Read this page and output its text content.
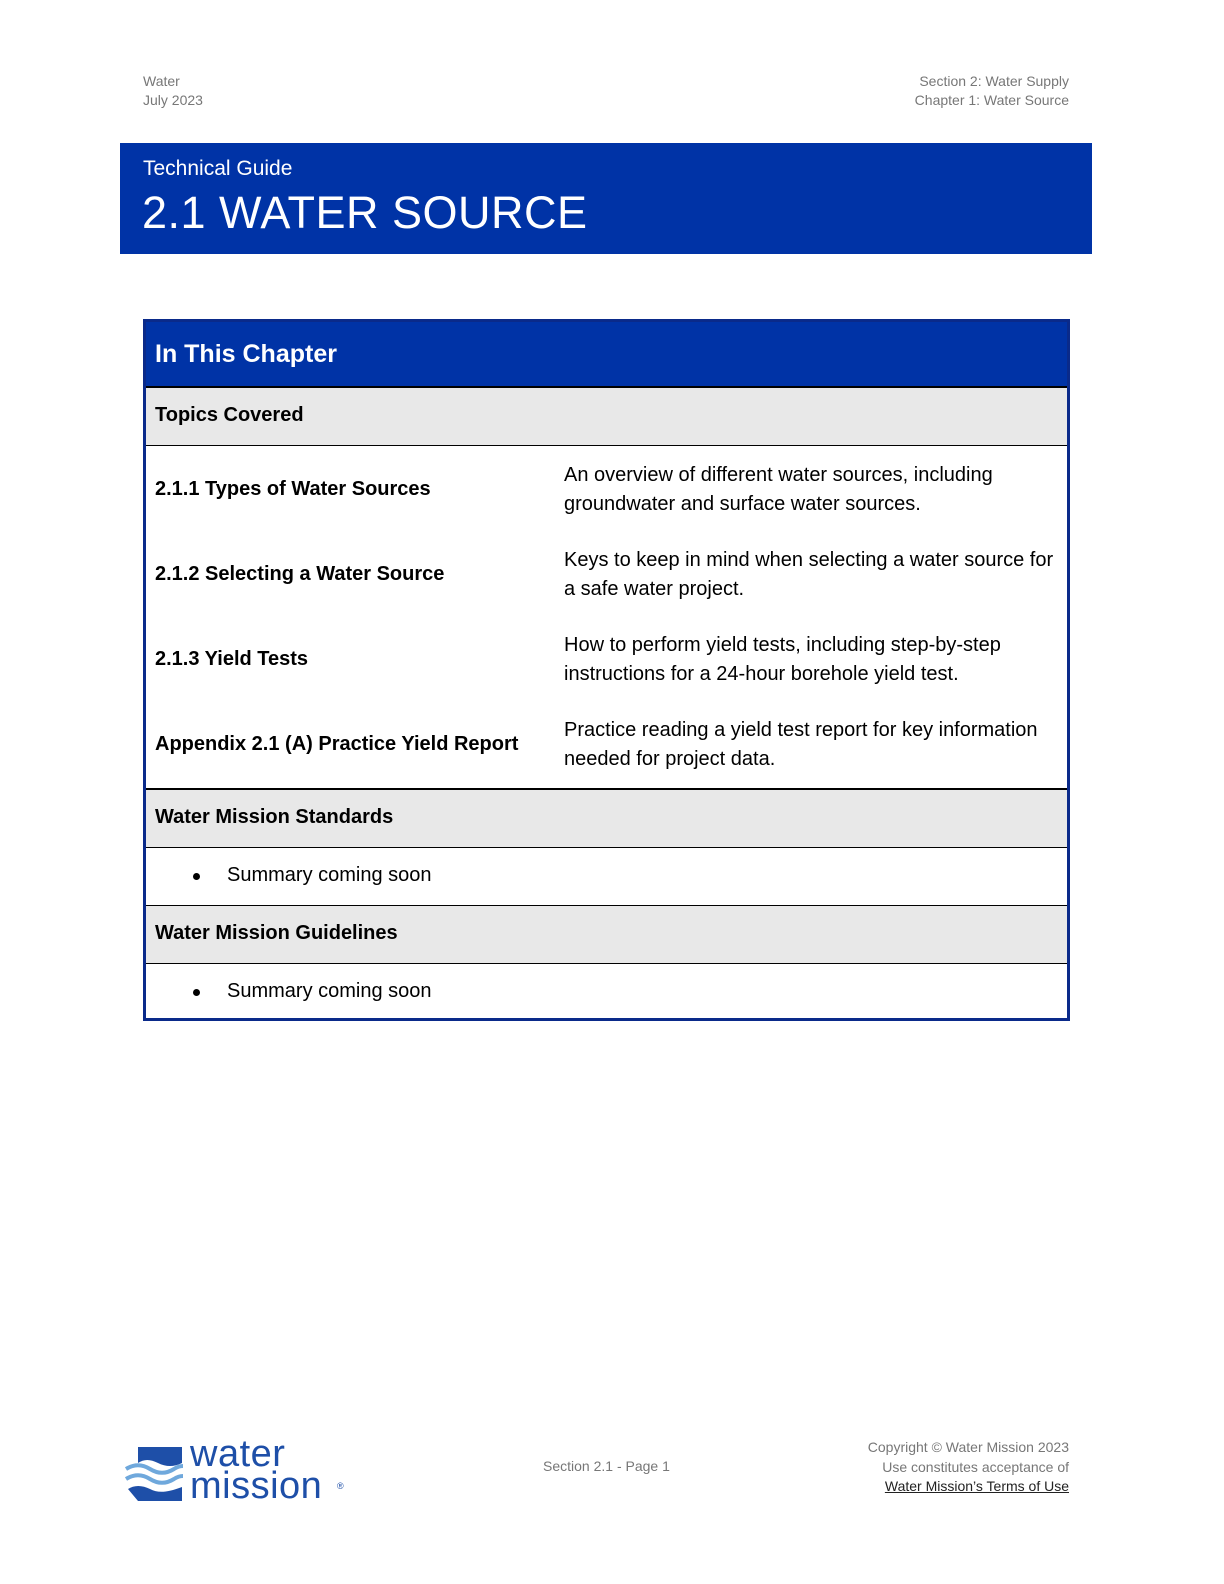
Water
July 2023
Section 2: Water Supply
Chapter 1: Water Source
Technical Guide
2.1 WATER SOURCE
In This Chapter
Topics Covered
2.1.1 Types of Water Sources
An overview of different water sources, including groundwater and surface water sources.
2.1.2 Selecting a Water Source
Keys to keep in mind when selecting a water source for a safe water project.
2.1.3 Yield Tests
How to perform yield tests, including step-by-step instructions for a 24-hour borehole yield test.
Appendix 2.1 (A) Practice Yield Report
Practice reading a yield test report for key information needed for project data.
Water Mission Standards
Summary coming soon
Water Mission Guidelines
Summary coming soon
water
mission ®
Section 2.1 - Page 1
Copyright © Water Mission 2023
Use constitutes acceptance of
Water Mission’s Terms of Use
